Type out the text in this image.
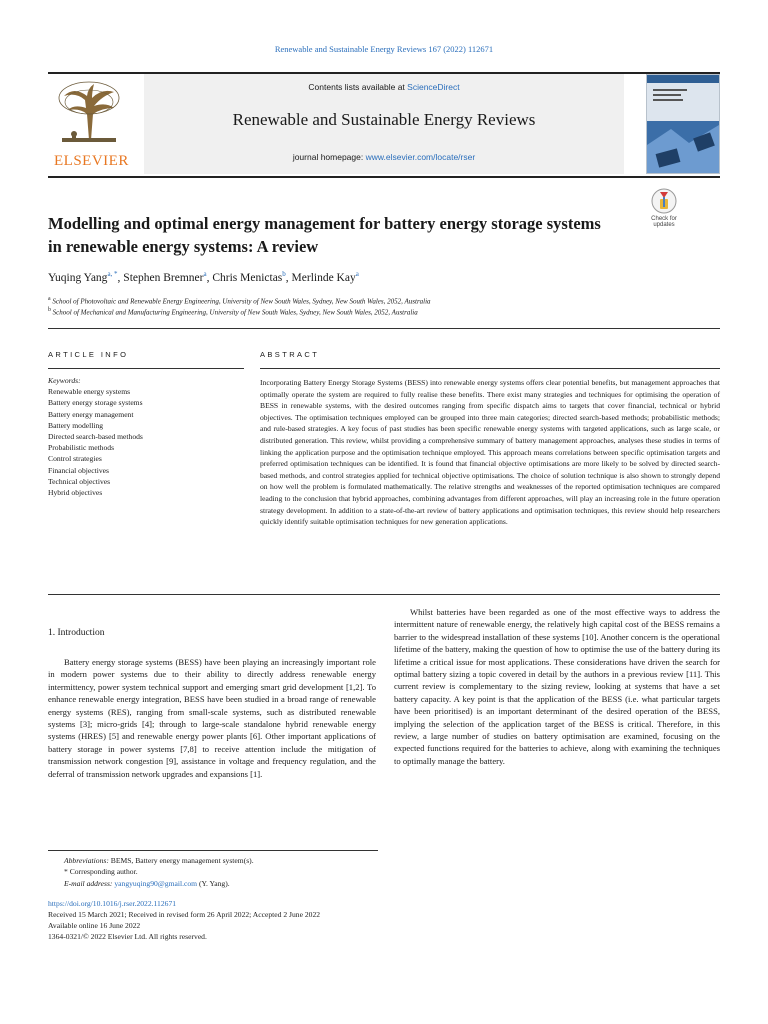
Renewable and Sustainable Energy Reviews 167 (2022) 112671
ELSEVIER
Contents lists available at ScienceDirect
Renewable and Sustainable Energy Reviews
journal homepage: www.elsevier.com/locate/rser
Modelling and optimal energy management for battery energy storage systems in renewable energy systems: A review
Check for
updates
Yuqing Yang$^{a, *}$, Stephen Bremner$^a$, Chris Menictas$^b$, Merlinde Kay$^a$
$^a$ School of Photovoltaic and Renewable Energy Engineering, University of New South Wales, Sydney, New South Wales, 2052, Australia
$^b$ School of Mechanical and Manufacturing Engineering, University of New South Wales, Sydney, New South Wales, 2052, Australia
ARTICLE INFO	ABSTRACT
Keywords:
Renewable energy systems
Battery energy storage systems
Battery energy management
Battery modelling
Directed search-based methods
Probabilistic methods
Control strategies
Financial objectives
Technical objectives
Hybrid objectives
Incorporating Battery Energy Storage Systems (BESS) into renewable energy systems offers clear potential benefits, but management approaches that optimally operate the system are required to fully realise these benefits. There exist many strategies and techniques for optimising the operation of BESS in renewable systems, with the desired outcomes ranging from specific dispatch aims to targets that cover financial, technical or hybrid objectives. The optimisation techniques employed can be grouped into three main categories; directed search-based methods; probabilistic methods; and rule-based strategies. A key focus of past studies has been specific renewable energy systems with targeted applications, such as large scale, or distributed generation. This review, whilst providing a comprehensive summary of battery management approaches, analyses these studies in terms of linking the application purpose and the optimisation technique employed. This approach means correlations between specific optimisation targets and preferred optimisation techniques can be identified. It is found that financial objective optimisations are more likely to be solved by directed search-based methods, and control strategies applied for technical objective optimisations. The choice of solution technique is also shown to strongly depend on how well the problem is formulated mathematically. The relative strengths and weaknesses of the reported optimisation techniques are compared leading to the conclusion that hybrid approaches, combining advantages from different approaches, will play an increasing role in the future operation strategy development. In addition to a state-of-the-art review of battery applications and optimisation techniques, this review should help researchers quickly identify suitable optimisation techniques for new generation applications.
1. Introduction
Battery energy storage systems (BESS) have been playing an increasingly important role in modern power systems due to their ability to directly address renewable energy intermittency, power system technical support and emerging smart grid development [1,2]. To enhance renewable energy integration, BESS have been studied in a broad range of renewable energy systems (RES), ranging from small-scale systems, such as distributed renewable systems [3]; micro-grids [4]; through to large-scale standalone hybrid renewable energy systems (HRES) [5] and renewable energy power plants [6]. Other important applications of battery storage in power systems [7,8] to receive attention include the mitigation of transmission network congestion [9], assistance in voltage and frequency regulation, and the deferral of transmission network upgrades and expansions [1].
Whilst batteries have been regarded as one of the most effective ways to address the intermittent nature of renewable energy, the relatively high capital cost of the BESS remains a barrier to the widespread installation of these systems [10]. Another concern is the operational lifetime of the battery, making the question of how to optimise the use of the battery during its lifetime a critical issue for most applications. These considerations have driven the search for optimal battery sizing a topic covered in detail by the authors in a previous review [11]. This current review is complementary to the sizing review, looking at systems that have a set battery capacity. A key point is that the application of the BESS (i.e. what particular targets have been prioritised) is an important determinant of the desired operation of the BESS, implying the selection of the application target of the BESS is critical. Therefore, in this review, a large number of studies on battery optimisation are examined, focusing on the expected functions required for the batteries to achieve, along with examining the techniques to optimally manage the battery.
Abbreviations: BEMS, Battery energy management system(s).
* Corresponding author.
E-mail address: yangyuqing90@gmail.com (Y. Yang).
https://doi.org/10.1016/j.rser.2022.112671
Received 15 March 2021; Received in revised form 26 April 2022; Accepted 2 June 2022
Available online 16 June 2022
1364-0321/© 2022 Elsevier Ltd. All rights reserved.
